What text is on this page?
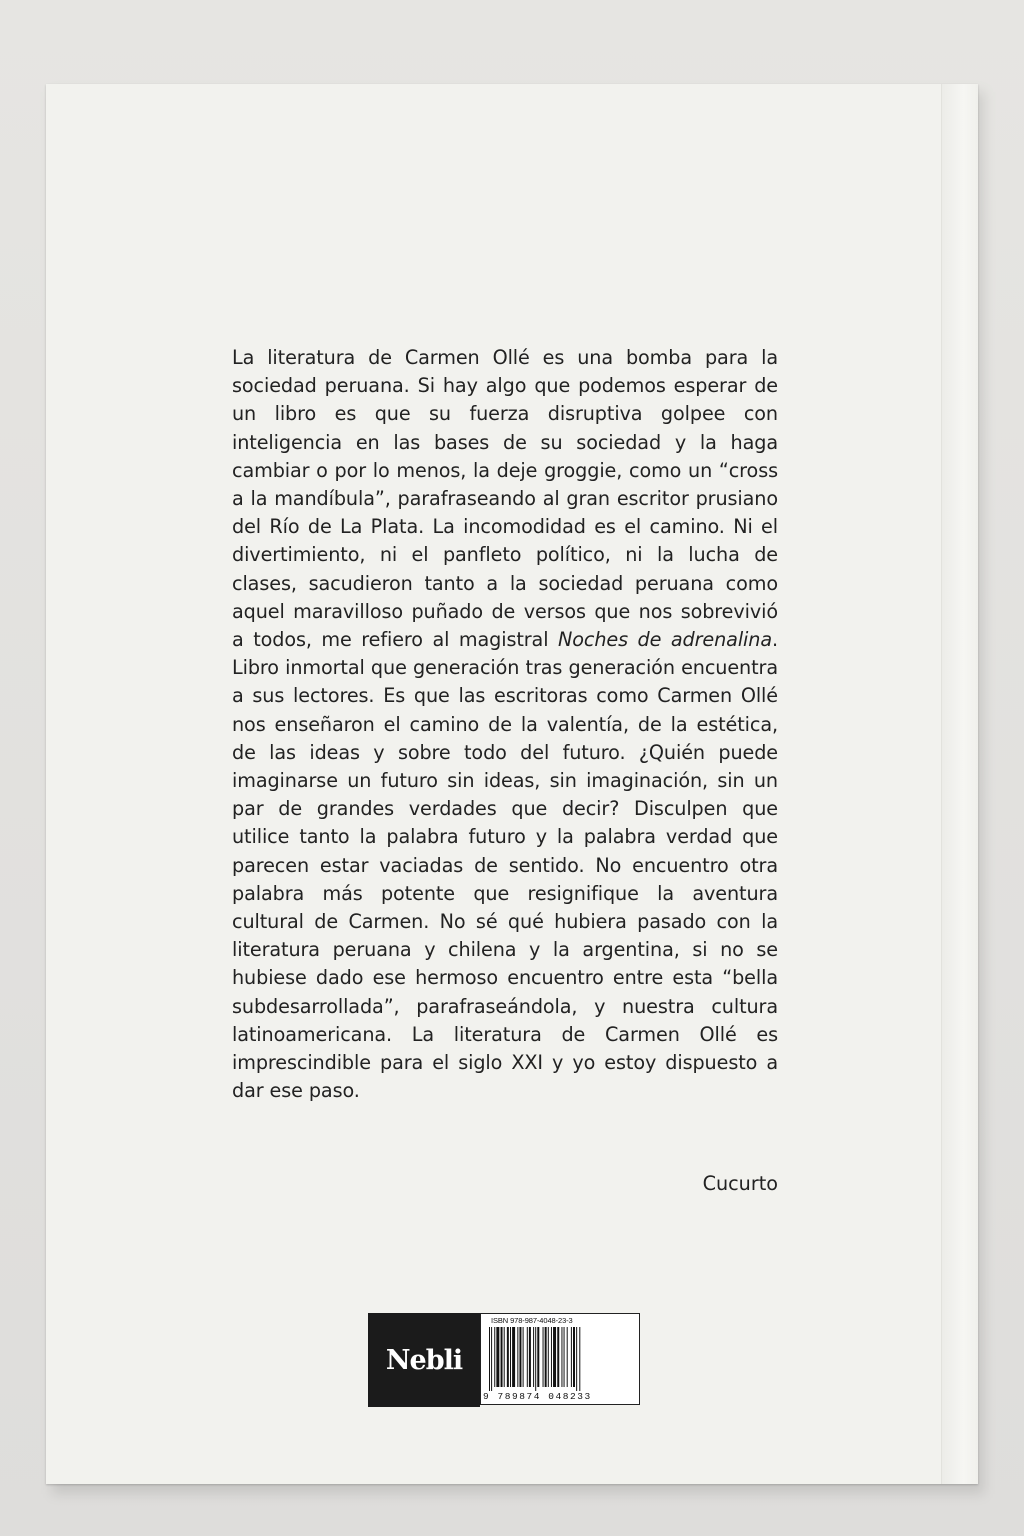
La literatura de Carmen Ollé es una bomba para la sociedad peruana. Si hay algo que podemos esperar de un libro es que su fuerza disruptiva golpee con inteligencia en las bases de su sociedad y la haga cambiar o por lo menos, la deje groggie, como un “cross a la mandíbula”, parafraseando al gran escritor prusiano del Río de La Plata. La incomodidad es el camino. Ni el divertimiento, ni el panfleto político, ni la lucha de clases, sacudieron tanto a la sociedad peruana como aquel maravilloso puñado de versos que nos sobrevivió a todos, me refiero al magistral Noches de adrenalina. Libro inmortal que generación tras generación encuentra a sus lectores. Es que las escritoras como Carmen Ollé nos enseñaron el camino de la valentía, de la estética, de las ideas y sobre todo del futuro. ¿Quién puede imaginarse un futuro sin ideas, sin imaginación, sin un par de grandes verdades que decir? Disculpen que utilice tanto la palabra futuro y la palabra verdad que parecen estar vaciadas de sentido. No encuentro otra palabra más potente que resignifique la aventura cultural de Carmen. No sé qué hubiera pasado con la literatura peruana y chilena y la argentina, si no se hubiese dado ese hermoso encuentro entre esta “bella subdesarrollada”, parafraseándola, y nuestra cultura latinoamericana. La literatura de Carmen Ollé es imprescindible para el siglo XXI y yo estoy dispuesto a dar ese paso.

Cucurto
Nebli
ISBN 978-987-4048-23-3
9 789874 048233
